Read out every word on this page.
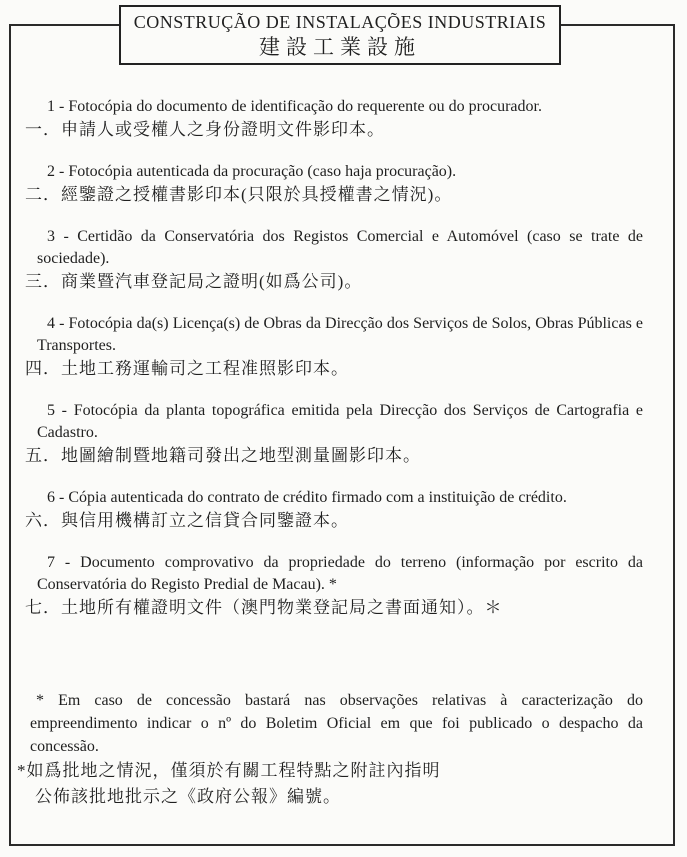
CONSTRUÇÃO DE INSTALAÇÕES INDUSTRIAIS
建設工業設施

1 - Fotocópia do documento de identificação do requerente ou do procurador.

一．申請人或受權人之身份證明文件影印本。

2 - Fotocópia autenticada da procuração (caso haja procuração).

二．經鑒證之授權書影印本(只限於具授權書之情況)。

3 - Certidão da Conservatória dos Registos Comercial e Automóvel (caso se trate de sociedade).

三．商業暨汽車登記局之證明(如爲公司)。

4 - Fotocópia da(s) Licença(s) de Obras da Direcção dos Serviços de Solos, Obras Públicas e Transportes.

四．土地工務運輸司之工程准照影印本。

5 - Fotocópia da planta topográfica emitida pela Direcção dos Serviços de Cartografia e Cadastro.

五．地圖繪制暨地籍司發出之地型測量圖影印本。

6 - Cópia autenticada do contrato de crédito firmado com a instituição de crédito.

六．與信用機構訂立之信貸合同鑒證本。

7 - Documento comprovativo da propriedade do terreno (informação por escrito da Conservatória do Registo Predial de Macau). *

七．土地所有權證明文件（澳門物業登記局之書面通知）。＊

* Em caso de concessão bastará nas observações relativas à caracterização do empreendimento indicar o nº do Boletim Oficial em que foi publicado o despacho da concessão.

*如爲批地之情況，僅須於有關工程特點之附註內指明

公佈該批地批示之《政府公報》編號。
